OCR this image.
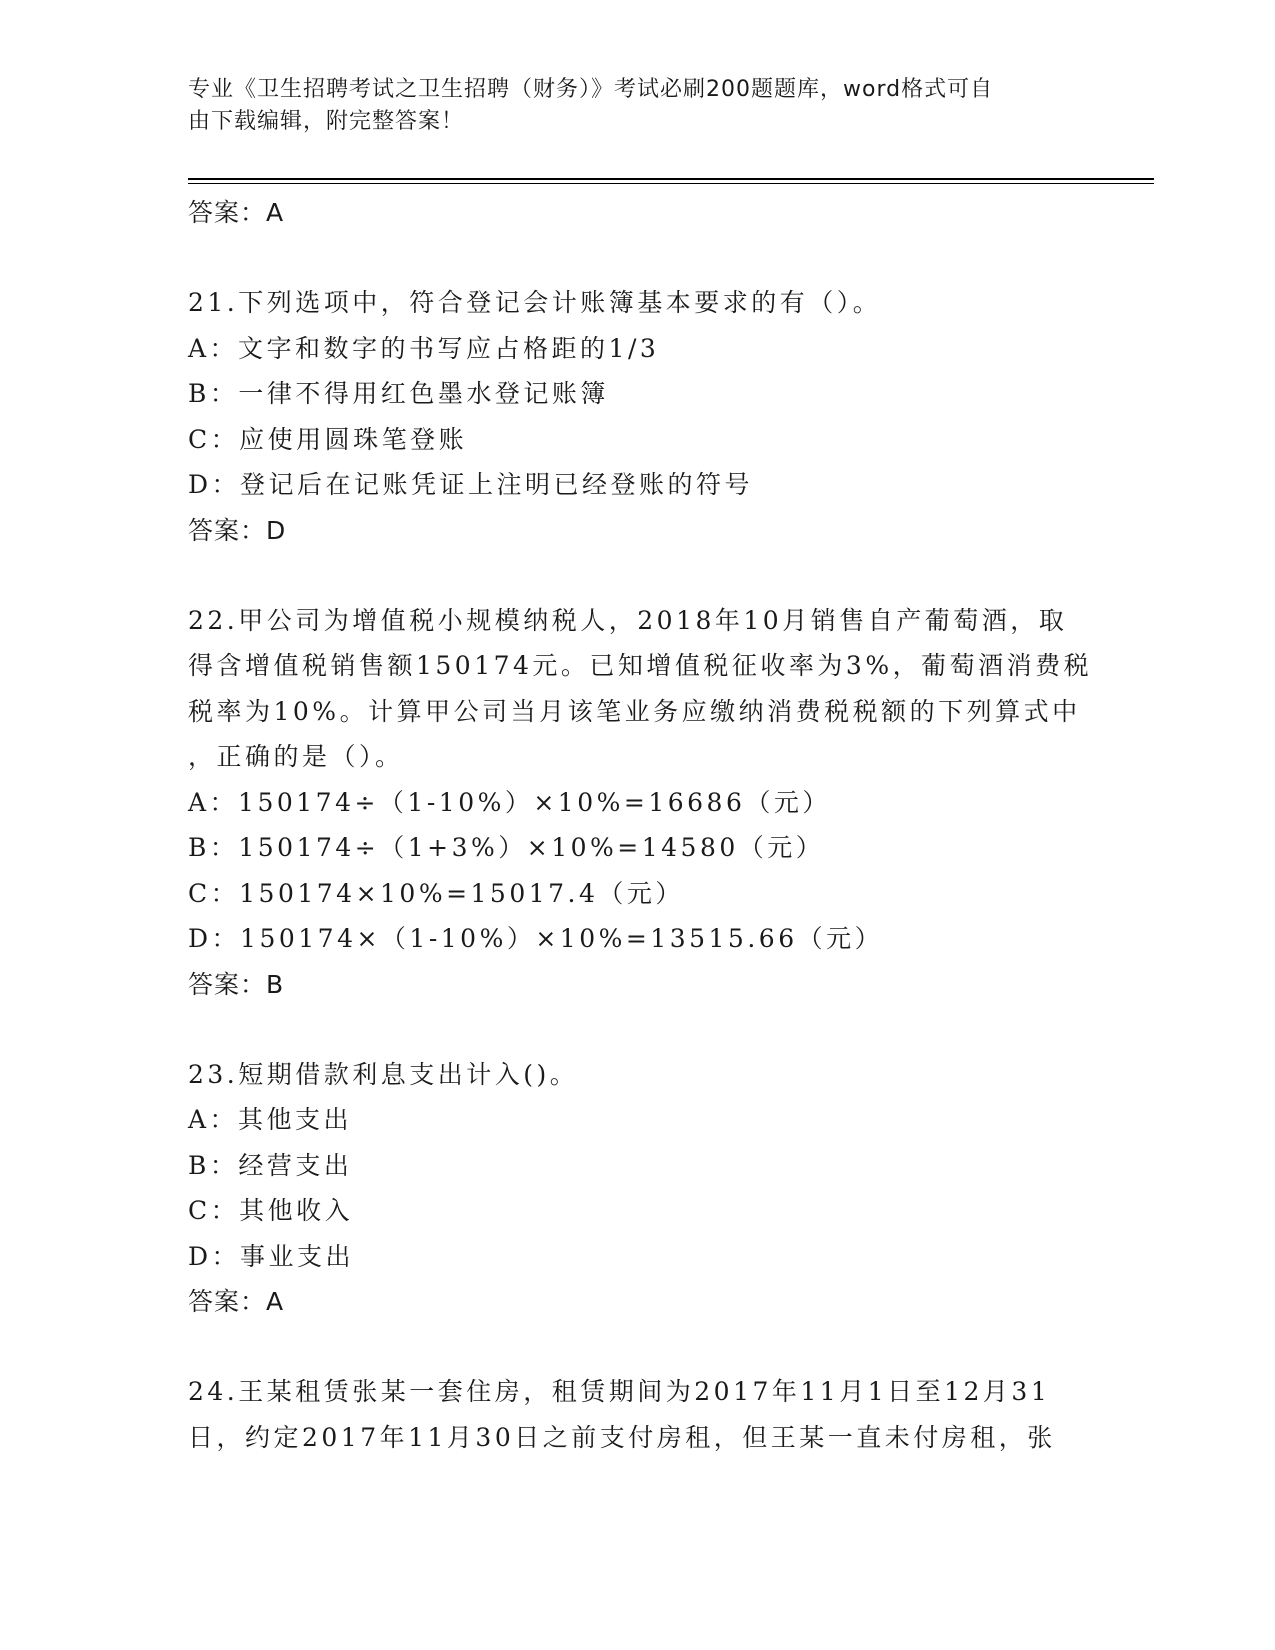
专业《卫生招聘考试之卫生招聘（财务）》考试必刷200题题库，word格式可自
由下载编辑，附完整答案！
答案：A
21.下列选项中，符合登记会计账簿基本要求的有（）。
A：文字和数字的书写应占格距的1/3
B：一律不得用红色墨水登记账簿
C：应使用圆珠笔登账
D：登记后在记账凭证上注明已经登账的符号
答案：D
22.甲公司为增值税小规模纳税人，2018年10月销售自产葡萄酒，取
得含增值税销售额150174元。已知增值税征收率为3%，葡萄酒消费税
税率为10%。计算甲公司当月该笔业务应缴纳消费税税额的下列算式中
，正确的是（）。
A：150174÷（1-10%）×10%=16686（元）
B：150174÷（1+3%）×10%=14580（元）
C：150174×10%=15017.4（元）
D：150174×（1-10%）×10%=13515.66（元）
答案：B
23.短期借款利息支出计入()。
A：其他支出
B：经营支出
C：其他收入
D：事业支出
答案：A
24.王某租赁张某一套住房，租赁期间为2017年11月1日至12月31
日，约定2017年11月30日之前支付房租，但王某一直未付房租，张
